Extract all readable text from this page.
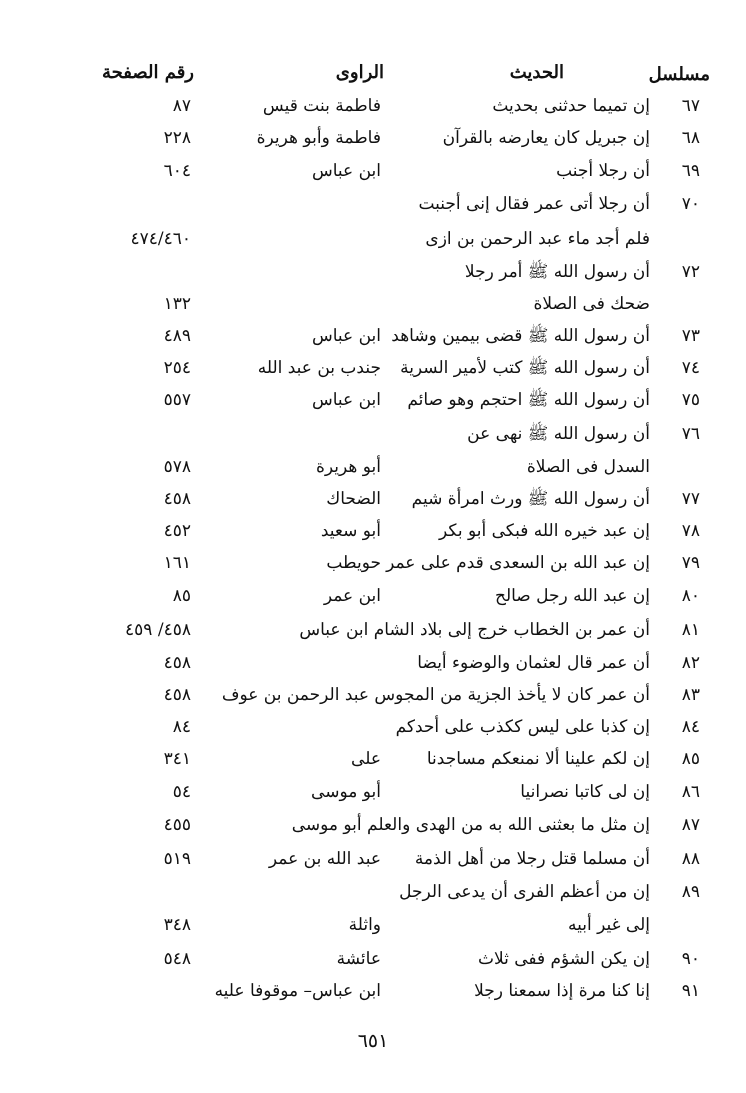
مسلسل
الحديث
الراوى
رقم الصفحة
٦٧
إن تميما حدثنى بحديث
فاطمة بنت قيس
٨٧
٦٨
إن جبريل كان يعارضه بالقرآن
فاطمة وأبو هريرة
٢٢٨
٦٩
أن رجلا أجنب
ابن عباس
٦٠٤
٧٠
أن رجلا أتى عمر فقال إنى أجنبت
فلم أجد ماء عبد الرحمن بن ازى
٤٧٤/٤٦٠
٧٢
أن رسول الله ﷺ أمر رجلا
ضحك فى الصلاة
١٣٢
٧٣
أن رسول الله ﷺ قضى بيمين وشاهد
ابن عباس
٤٨٩
٧٤
أن رسول الله ﷺ كتب لأمير السرية
جندب بن عبد الله
٢٥٤
٧٥
أن رسول الله ﷺ احتجم وهو صائم
ابن عباس
٥٥٧
٧٦
أن رسول الله ﷺ نهى عن
السدل فى الصلاة
أبو هريرة
٥٧٨
٧٧
أن رسول الله ﷺ ورث امرأة شيم
الضحاك
٤٥٨
٧٨
إن عبد خيره الله فبكى أبو بكر
أبو سعيد
٤٥٢
٧٩
إن عبد الله بن السعدى قدم على عمر
حويطب
١٦١
٨٠
إن عبد الله رجل صالح
ابن عمر
٨٥
٨١
أن عمر بن الخطاب خرج إلى بلاد الشام ابن عباس
٤٥٨/ ٤٥٩
٨٢
أن عمر قال لعثمان والوضوء أيضا
٤٥٨
٨٣
أن عمر كان لا يأخذ الجزية من المجوس عبد الرحمن بن عوف
٤٥٨
٨٤
إن كذبا على ليس ككذب على أحدكم
٨٤
٨٥
إن لكم علينا ألا نمنعكم مساجدنا
على
٣٤١
٨٦
إن لى كاتبا نصرانيا
أبو موسى
٥٤
٨٧
إن مثل ما بعثنى الله به من الهدى والعلم أبو موسى
٤٥٥
٨٨
أن مسلما قتل رجلا من أهل الذمة
عبد الله بن عمر
٥١٩
٨٩
إن من أعظم الفرى أن يدعى الرجل
إلى غير أبيه
واثلة
٣٤٨
٩٠
إن يكن الشؤم ففى ثلاث
عائشة
٥٤٨
٩١
إنا كنا مرة إذا سمعنا رجلا
ابن عباس– موقوفا عليه
٦٥١
